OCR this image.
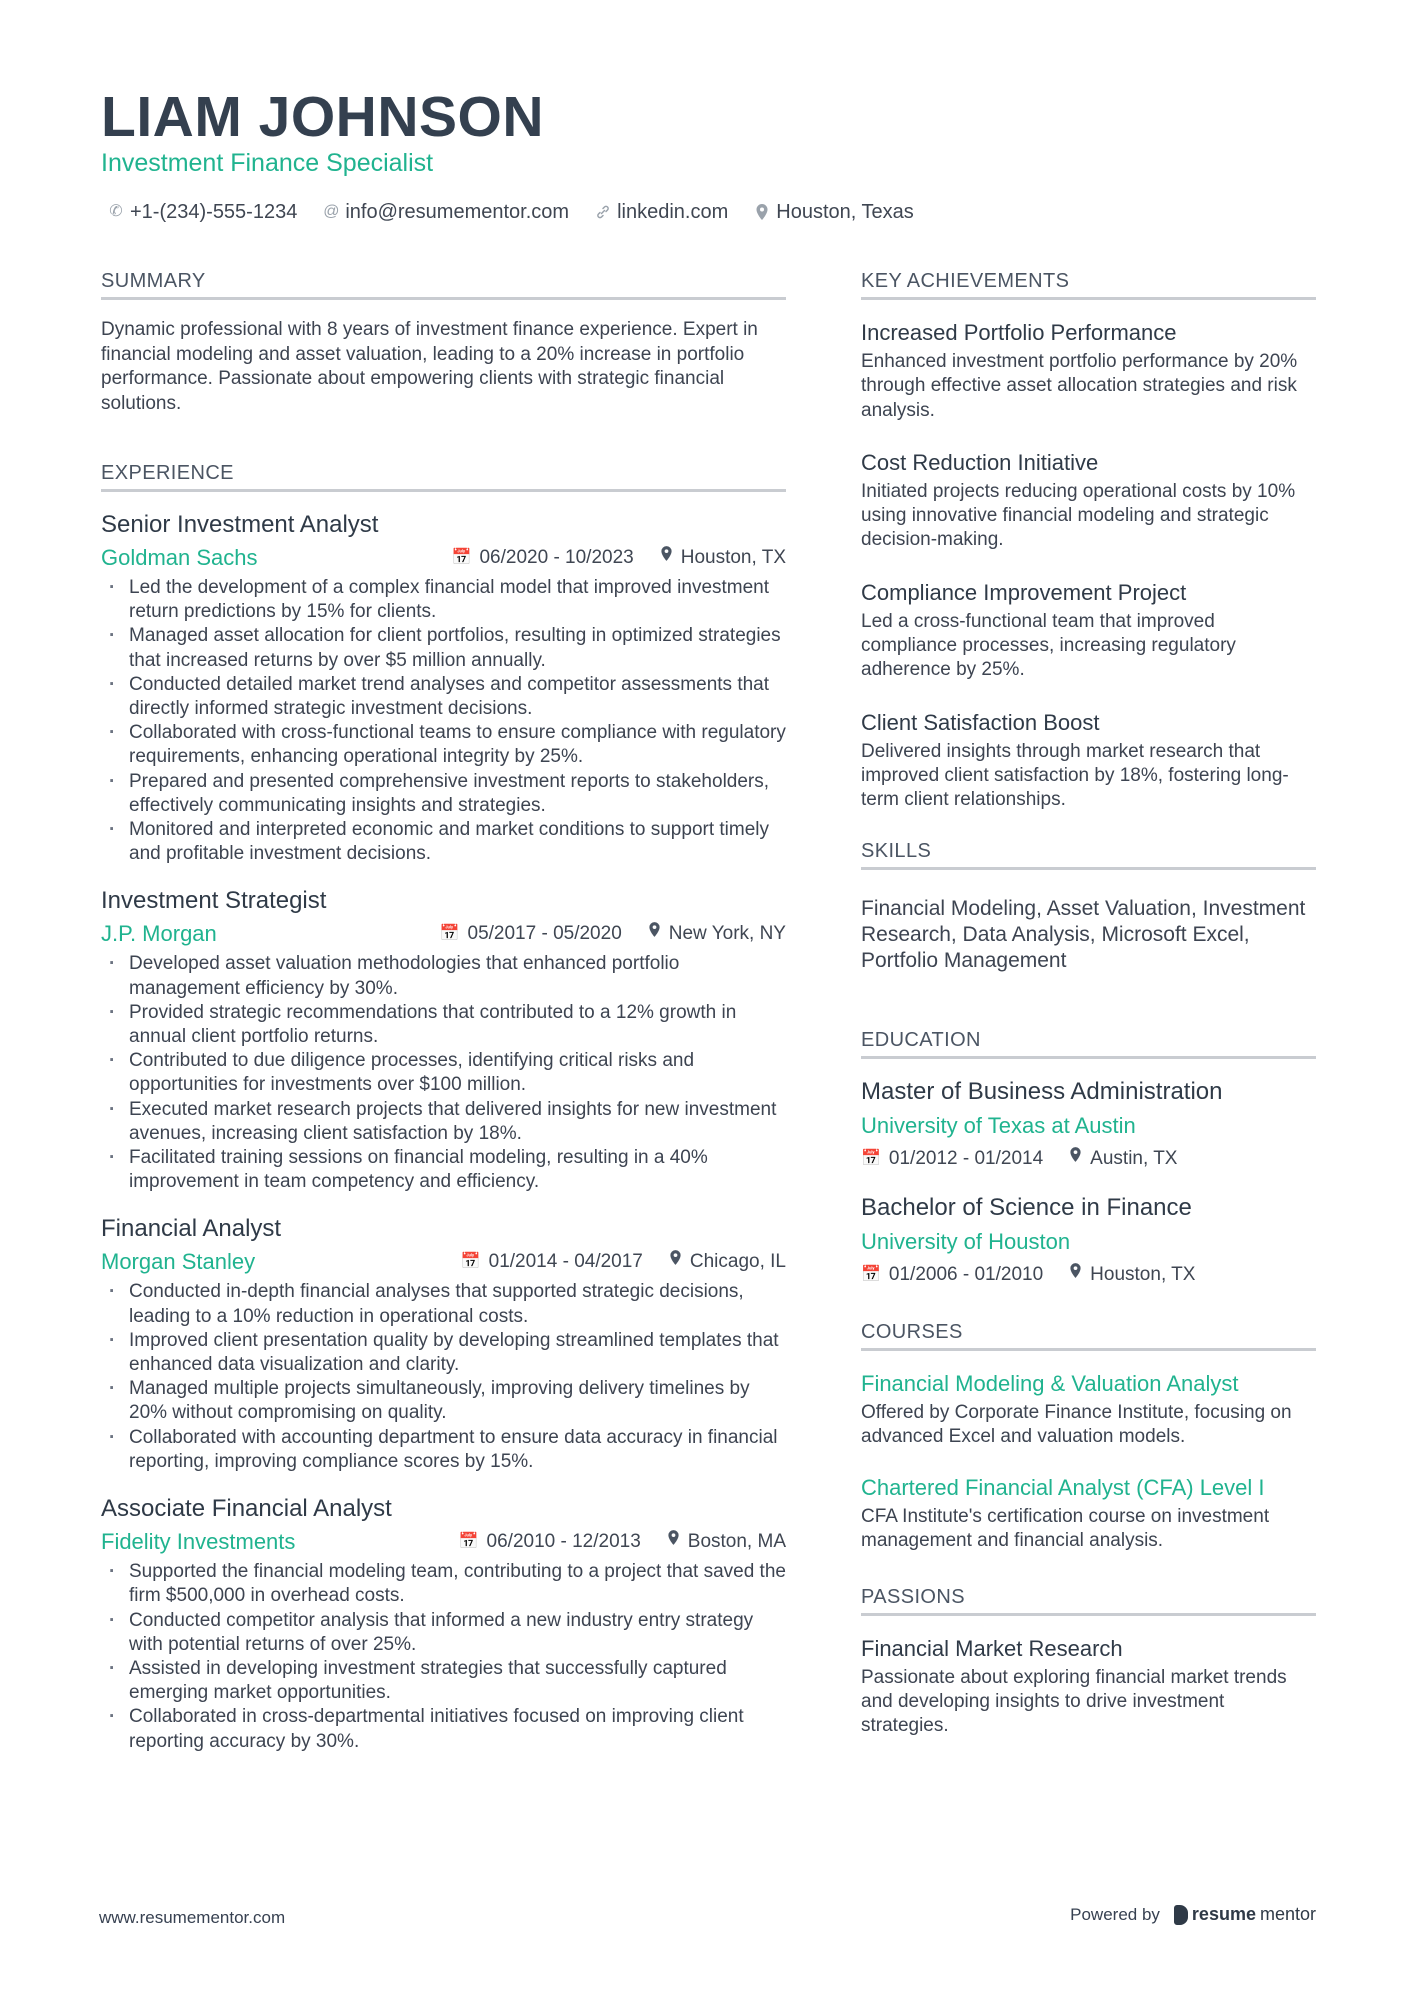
LIAM JOHNSON
Investment Finance Specialist
✆ +1-(234)-555-1234 @ info@resumementor.com linkedin.com Houston, Texas
SUMMARY

Dynamic professional with 8 years of investment finance experience. Expert in financial modeling and asset valuation, leading to a 20% increase in portfolio performance. Passionate about empowering clients with strategic financial solutions.

EXPERIENCE
Senior Investment Analyst
Goldman Sachs	📅 06/2020 - 10/2023 Houston, TX
· Led the development of a complex financial model that improved investment return predictions by 15% for clients.
· Managed asset allocation for client portfolios, resulting in optimized strategies that increased returns by over $5 million annually.
· Conducted detailed market trend analyses and competitor assessments that directly informed strategic investment decisions.
· Collaborated with cross-functional teams to ensure compliance with regulatory requirements, enhancing operational integrity by 25%.
· Prepared and presented comprehensive investment reports to stakeholders, effectively communicating insights and strategies.
· Monitored and interpreted economic and market conditions to support timely and profitable investment decisions.
Investment Strategist
J.P. Morgan	📅 05/2017 - 05/2020 New York, NY
· Developed asset valuation methodologies that enhanced portfolio management efficiency by 30%.
· Provided strategic recommendations that contributed to a 12% growth in annual client portfolio returns.
· Contributed to due diligence processes, identifying critical risks and opportunities for investments over $100 million.
· Executed market research projects that delivered insights for new investment avenues, increasing client satisfaction by 18%.
· Facilitated training sessions on financial modeling, resulting in a 40% improvement in team competency and efficiency.
Financial Analyst
Morgan Stanley	📅 01/2014 - 04/2017 Chicago, IL
· Conducted in-depth financial analyses that supported strategic decisions, leading to a 10% reduction in operational costs.
· Improved client presentation quality by developing streamlined templates that enhanced data visualization and clarity.
· Managed multiple projects simultaneously, improving delivery timelines by 20% without compromising on quality.
· Collaborated with accounting department to ensure data accuracy in financial reporting, improving compliance scores by 15%.
Associate Financial Analyst
Fidelity Investments	📅 06/2010 - 12/2013 Boston, MA
· Supported the financial modeling team, contributing to a project that saved the firm $500,000 in overhead costs.
· Conducted competitor analysis that informed a new industry entry strategy with potential returns of over 25%.
· Assisted in developing investment strategies that successfully captured emerging market opportunities.
· Collaborated in cross-departmental initiatives focused on improving client reporting accuracy by 30%.
KEY ACHIEVEMENTS
Increased Portfolio Performance
Enhanced investment portfolio performance by 20% through effective asset allocation strategies and risk analysis.
Cost Reduction Initiative
Initiated projects reducing operational costs by 10% using innovative financial modeling and strategic decision-making.
Compliance Improvement Project
Led a cross-functional team that improved compliance processes, increasing regulatory adherence by 25%.
Client Satisfaction Boost
Delivered insights through market research that improved client satisfaction by 18%, fostering long-term client relationships.
SKILLS
Financial Modeling, Asset Valuation, Investment Research, Data Analysis, Microsoft Excel, Portfolio Management
EDUCATION
Master of Business Administration
University of Texas at Austin
📅 01/2012 - 01/2014 Austin, TX
Bachelor of Science in Finance
University of Houston
📅 01/2006 - 01/2010 Houston, TX
COURSES
Financial Modeling & Valuation Analyst
Offered by Corporate Finance Institute, focusing on advanced Excel and valuation models.
Chartered Financial Analyst (CFA) Level I
CFA Institute's certification course on investment management and financial analysis.
PASSIONS
Financial Market Research
Passionate about exploring financial market trends and developing insights to drive investment strategies.
www.resumementor.com	Powered by resume mentor
